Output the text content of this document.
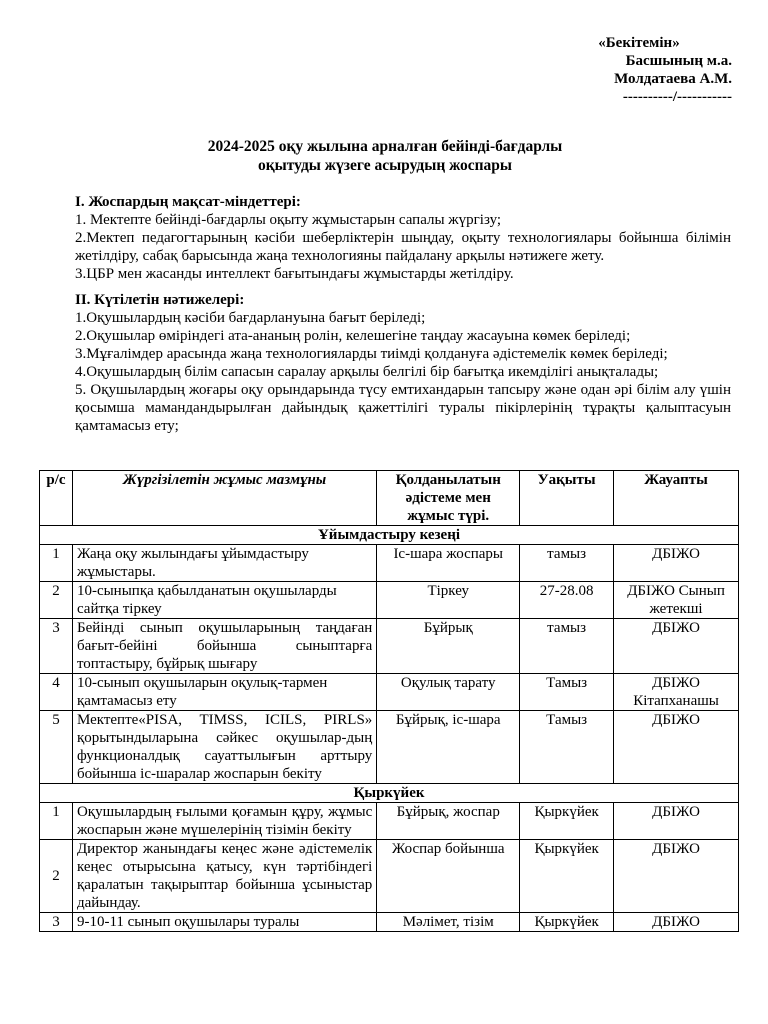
«Бекітемін»
Басшының м.а.
Молдатаева А.М.
----------/-----------
2024-2025 оқу жылына арналған бейінді-бағдарлы
оқытуды жүзеге асырудың жоспары

I. Жоспардың мақсат-міндеттері:

1. Мектепте бейінді-бағдарлы оқыту жұмыстарын сапалы жүргізу;

2.Мектеп педагогтарының кәсіби шеберліктерін шыңдау, оқыту технологиялары бойынша білімін жетілдіру, сабақ барысында жаңа технологияны пайдалану арқылы нәтижеге жету.

3.ЦБР мен жасанды интеллект бағытындағы жұмыстарды жетілдіру.

II. Күтілетін нәтижелері:

1.Оқушылардың кәсіби бағдарлануына бағыт беріледі;

2.Оқушылар өміріндегі ата-ананың ролін, келешегіне таңдау жасауына көмек беріледі;

3.Мұғалімдер арасында жаңа технологияларды тиімді қолдануға әдістемелік көмек беріледі;

4.Оқушылардың білім сапасын саралау арқылы белгілі бір бағытқа икемділігі анықталады;

5. Оқушылардың жоғары оқу орындарында түсу емтихандарын тапсыру және одан әрі білім алу үшін қосымша мамандандырылған дайындық қажеттілігі туралы пікірлерінің тұрақты қалыптасуын қамтамасыз ету;

р/с	Жүргізілетін жұмыс мазмұны	Қолданылатын әдістеме мен жұмыс түрі.	Уақыты	Жауапты
Ұйымдастыру кезеңі				
1	Жаңа оқу жылындағы ұйымдастыру жұмыстары.	Іс-шара жоспары	тамыз	ДБІЖО
2	10-сыныпқа қабылданатын оқушыларды сайтқа тіркеу	Тіркеу	27-28.08	ДБІЖО Сынып жетекші
3	Бейінді сынып оқушыларының таңдаған бағыт-бейіні бойынша сыныптарға топтастыру, бұйрық шығару	Бұйрық	тамыз	ДБІЖО
4	10-сынып оқушыларын оқулық-тармен қамтамасыз ету	Оқулық тарату	Тамыз	ДБІЖО Кітапханашы
5	Мектепте«PISA, TIMSS, ICILS, PIRLS» қорытындыларына сәйкес оқушылар-дың функционалдық сауаттылығын арттыру бойынша іс-шаралар жоспарын бекіту	Бұйрық, іс-шара	Тамыз	ДБІЖО
Қыркүйек				
1	Оқушылардың ғылыми қоғамын құру, жұмыс жоспарын және мүшелерінің тізімін бекіту	Бұйрық, жоспар	Қыркүйек	ДБІЖО
2	Директор жанындағы кеңес және әдістемелік кеңес отырысына қатысу, күн тәртібіндегі қаралатын тақырыптар бойынша ұсыныстар дайындау.	Жоспар бойынша	Қыркүйек	ДБІЖО
3	9-10-11 сынып оқушылары туралы	Мәлімет, тізім	Қыркүйек	ДБІЖО
